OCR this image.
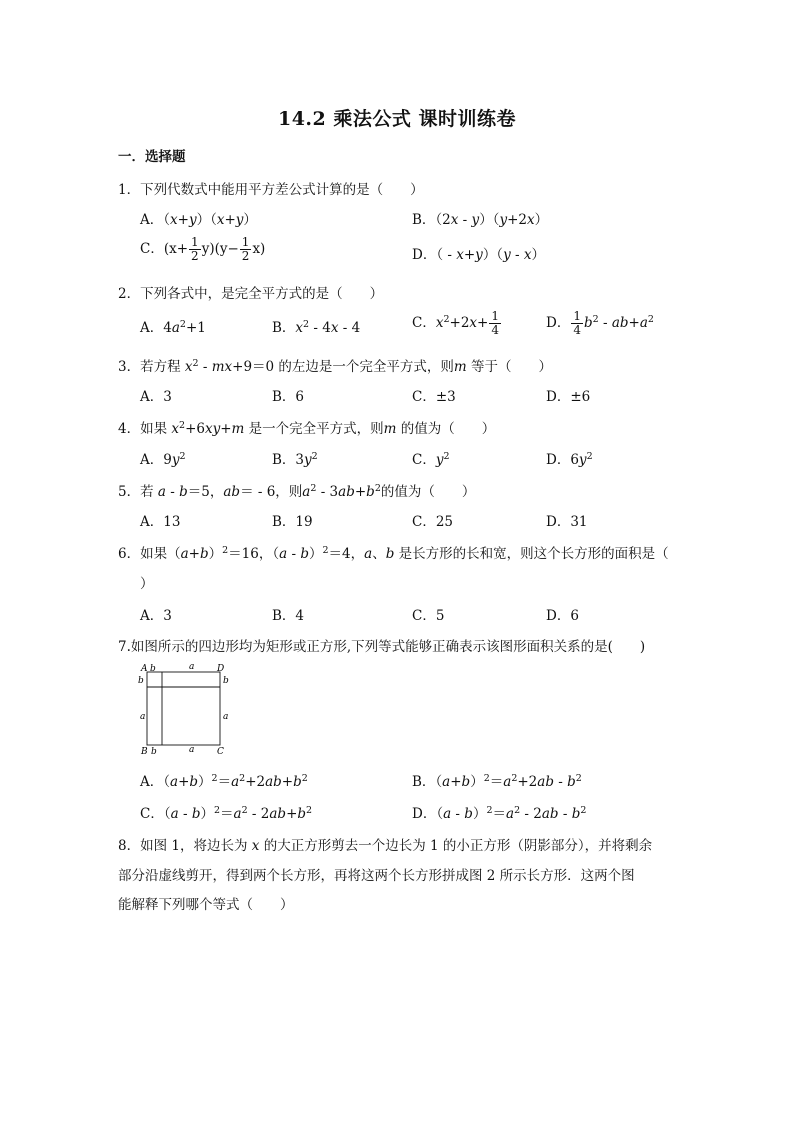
14.2 乘法公式 课时训练卷
一．选择题
1．下列代数式中能用平方差公式计算的是（　　）
A．（x+y）（x+y）	B．（2x - y）（y+2x）
C．$(x+ \frac{1}{2} y)(y- \frac{1}{2} x)$	D．（ - x+y）（y - x）
2．下列各式中，是完全平方式的是（　　）
A．$4a^2+1$	B．$x^2 - 4x - 4$	C．$x^2+2x+ \frac{1}{4}$	D． $\frac{1}{4} b^2 - ab+a^2$
3．若方程 $x^2 - mx+9=0$ 的左边是一个完全平方式，则m 等于（　　）
A．3	B．6	C．±3	D．±6
4．如果 $x^2+6xy+m$ 是一个完全平方式，则m 的值为（　　）
A．$9y^2$	B．$3y^2$	C．$y^2$	D．$6y^2$
5．若 a - b＝5，ab＝ - 6，则$a^2 - 3ab+b^2$的值为（　　）
A．13	B．19	C．25	D．31
6．如果$(a+b)^2=16$，（a - b）$^2$＝4，a、b 是长方形的长和宽，则这个长方形的面积是（
）
A．3	B．4	C．5	D．6
7.如图所示的四边形均为矩形或正方形,下列等式能够正确表示该图形面积关系的是(　　)
A b	a	D
b	b
a	a
B b	a	C
A．$(a+b)^2=a^2+2ab+b^2$	B．$(a+b)^2=a^2+2ab - b^2$
C．$(a - b)^2=a^2 - 2ab+b^2$	D．$(a - b)^2=a^2 - 2ab - b^2$
8．如图 1，将边长为 x 的大正方形剪去一个边长为 1 的小正方形（阴影部分），并将剩余
部分沿虚线剪开，得到两个长方形，再将这两个长方形拼成图 2 所示长方形．这两个图
能解释下列哪个等式（　　）
